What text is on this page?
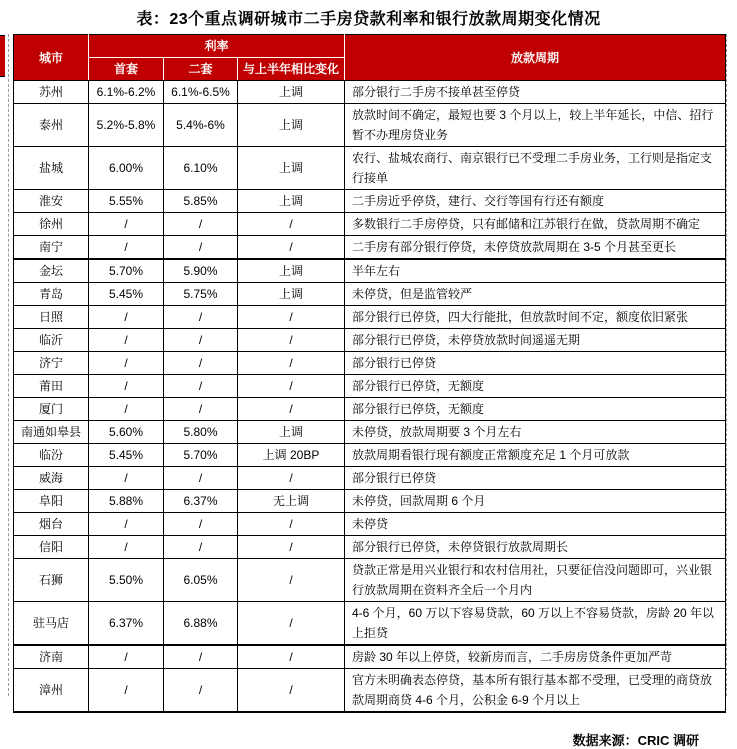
表：23个重点调研城市二手房贷款利率和银行放款周期变化情况
城市	利率			放款周期
	首套	二套	与上半年相比变化	
苏州	6.1%-6.2%	6.1%-6.5%	上调	部分银行二手房不接单甚至停贷
泰州	5.2%-5.8%	5.4%-6%	上调	放款时间不确定，最短也要 3 个月以上，较上半年延长，中信、招行暂不办理房贷业务
盐城	6.00%	6.10%	上调	农行、盐城农商行、南京银行已不受理二手房业务，工行则是指定支行接单
淮安	5.55%	5.85%	上调	二手房近乎停贷，建行、交行等国有行还有额度
徐州	/	/	/	多数银行二手房停贷，只有邮储和江苏银行在做，贷款周期不确定
南宁	/	/	/	二手房有部分银行停贷，未停贷放款周期在 3-5 个月甚至更长
金坛	5.70%	5.90%	上调	半年左右
青岛	5.45%	5.75%	上调	未停贷，但是监管较严
日照	/	/	/	部分银行已停贷，四大行能批，但放款时间不定，额度依旧紧张
临沂	/	/	/	部分银行已停贷，未停贷放款时间遥遥无期
济宁	/	/	/	部分银行已停贷
莆田	/	/	/	部分银行已停贷，无额度
厦门	/	/	/	部分银行已停贷，无额度
南通如皋县	5.60%	5.80%	上调	未停贷，放款周期要 3 个月左右
临汾	5.45%	5.70%	上调 20BP	放款周期看银行现有额度正常额度充足 1 个月可放款
威海	/	/	/	部分银行已停贷
阜阳	5.88%	6.37%	无上调	未停贷，回款周期 6 个月
烟台	/	/	/	未停贷
信阳	/	/	/	部分银行已停贷，未停贷银行放款周期长
石狮	5.50%	6.05%	/	贷款正常是用兴业银行和农村信用社，只要征信没问题即可，兴业银行放款周期在资料齐全后一个月内
驻马店	6.37%	6.88%	/	4-6 个月，60 万以下容易贷款，60 万以上不容易贷款，房龄 20 年以上拒贷
济南	/	/	/	房龄 30 年以上停贷，较新房而言，二手房房贷条件更加严苛
漳州	/	/	/	官方未明确表态停贷，基本所有银行基本都不受理，已受理的商贷放款周期商贷 4-6 个月，公积金 6-9 个月以上
数据来源：CRIC 调研
